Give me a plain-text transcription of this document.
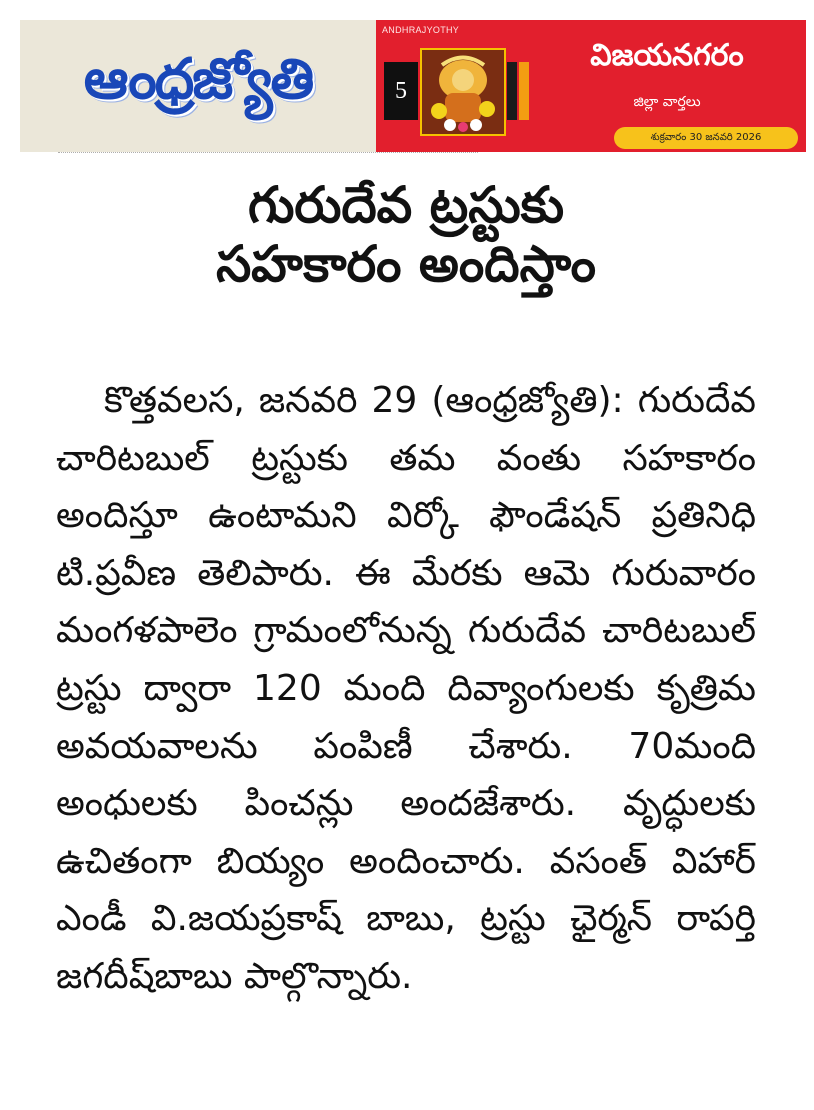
ఆంధ్రజ్యోతి
ANDHRAJYOTHY
5
విజయనగరం
జిల్లా వార్తలు
శుక్రవారం 30 జనవరి 2026
గురుదేవ ట్రస్టుకు
సహకారం అందిస్తాం
కొత్తవలస, జనవరి 29 (ఆంధ్రజ్యోతి): గురుదేవ చారిటబుల్ ట్రస్టుకు తమ వంతు సహకారం అందిస్తూ ఉంటామని విర్కో ఫౌండేషన్ ప్రతినిధి టి.ప్రవీణ తెలిపారు. ఈ మేరకు ఆమె గురువారం మంగళపాలెం గ్రామంలోనున్న గురుదేవ చారిటబుల్ ట్రస్టు ద్వారా 120 మంది దివ్యాంగులకు కృత్రిమ అవయవాలను పంపిణీ చేశారు. 70మంది అంధులకు పించన్లు అందజేశారు. వృద్ధులకు ఉచితంగా బియ్యం అందించారు. వసంత్ విహార్ ఎండీ వి.జయప్రకాష్ బాబు, ట్రస్టు ఛైర్మన్ రాపర్తి జగదీష్‌బాబు పాల్గొన్నారు.
